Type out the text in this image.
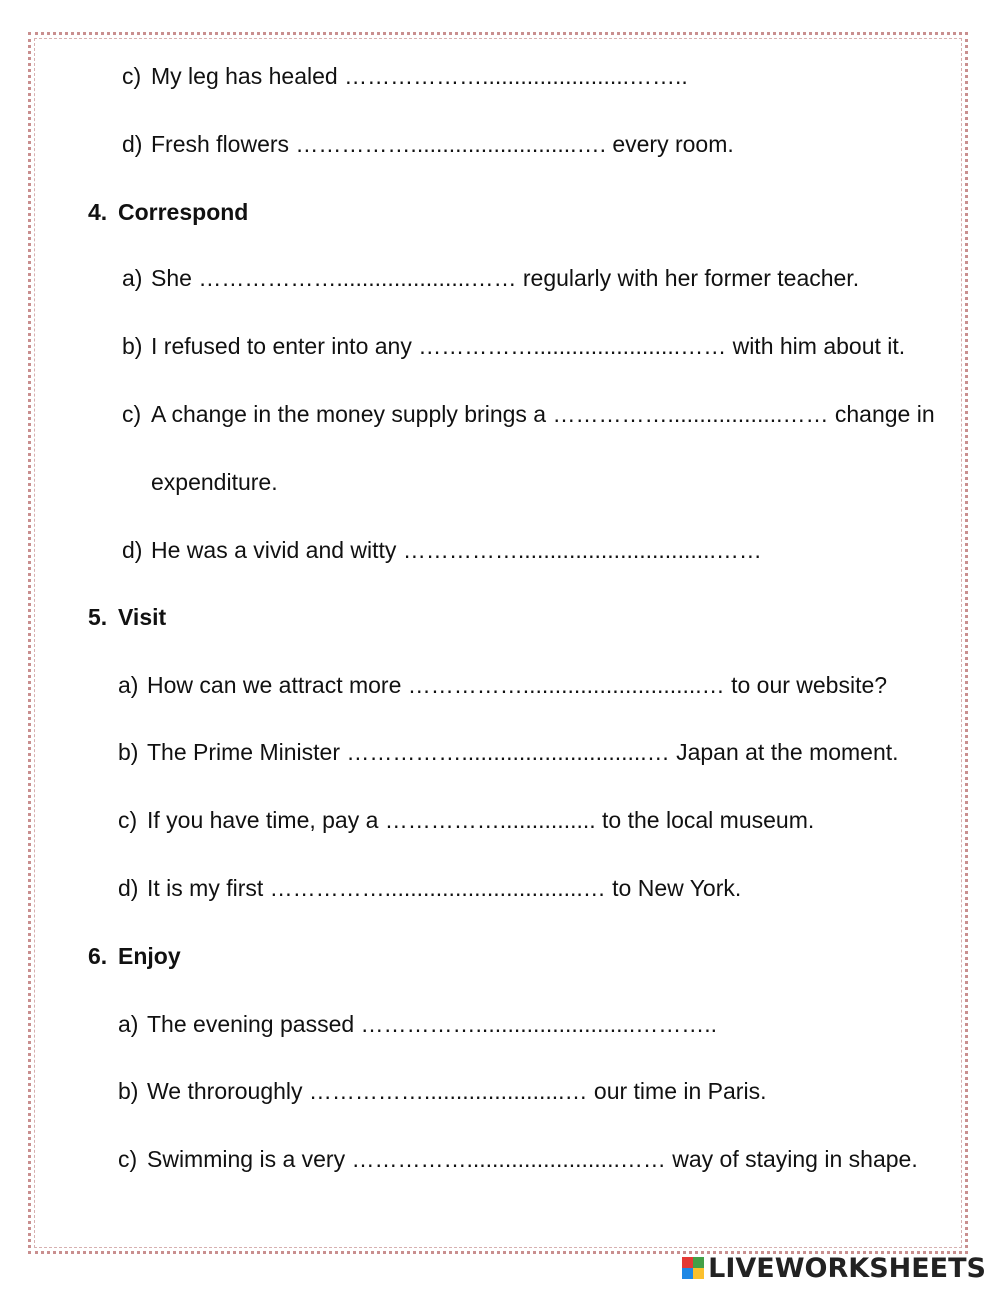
c) My leg has healed ……………….......................……..
d) Fresh flowers ……………..........................…. every room.
4. Correspond
a) She ……………….....................…… regularly with her former teacher.
b) I refused to enter into any …………….......................…… with him about it.
c) A change in the money supply brings a ……………..................…… change in
expenditure.
d) He was a vivid and witty ……………...............................……
5. Visit
a) How can we attract more ……………............................… to our website?
b) The Prime Minister …………….............................… Japan at the moment.
c) If you have time, pay a ……………............... to the local museum.
d) It is my first ……………...............................… to New York.
6. Enjoy
a) The evening passed …………….........................………..
b) We throroughly ……………......................… our time in Paris.
c) Swimming is a very ……………........................…… way of staying in shape.
LIVEWORKSHEETS
